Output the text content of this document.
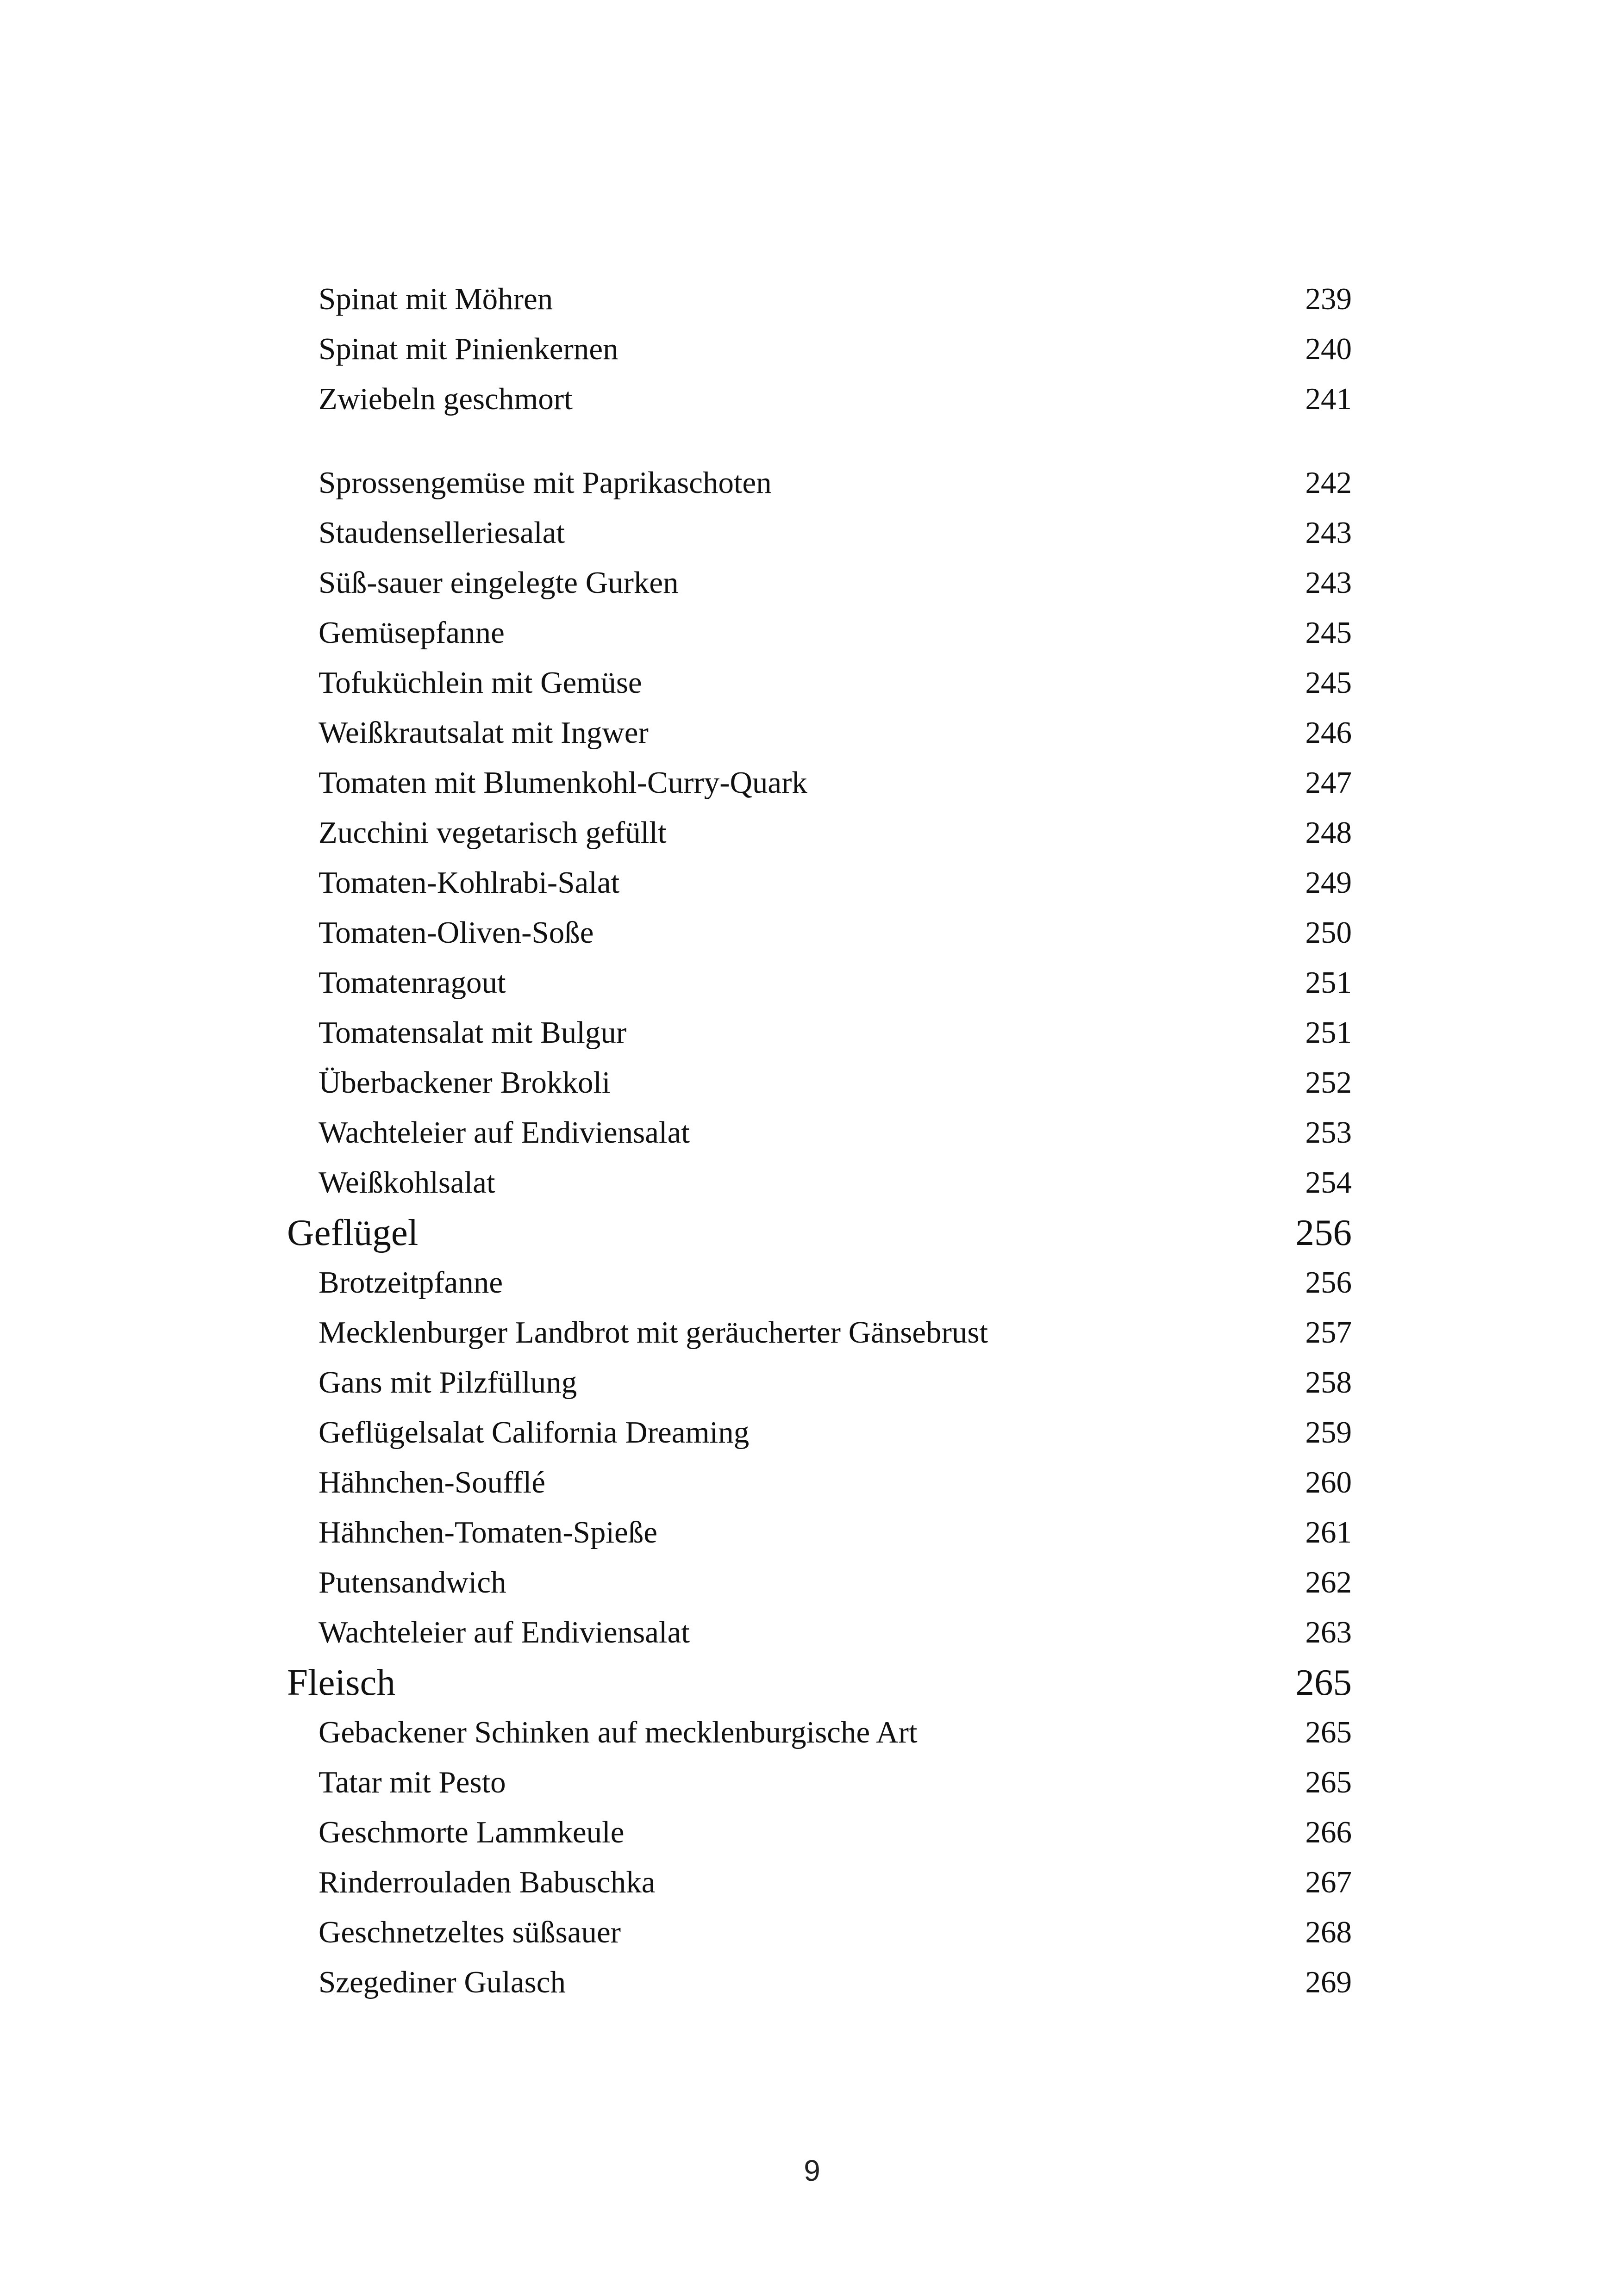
Spinat mit Möhren	239
Spinat mit Pinienkernen	240
Zwiebeln geschmort	241
Sprossengemüse mit Paprikaschoten	242
Staudenselleriesalat	243
Süß-sauer eingelegte Gurken	243
Gemüsepfanne	245
Tofuküchlein mit Gemüse	245
Weißkrautsalat mit Ingwer	246
Tomaten mit Blumenkohl-Curry-Quark	247
Zucchini vegetarisch gefüllt	248
Tomaten-Kohlrabi-Salat	249
Tomaten-Oliven-Soße	250
Tomatenragout	251
Tomatensalat mit Bulgur	251
Überbackener Brokkoli	252
Wachteleier auf Endiviensalat	253
Weißkohlsalat	254
Geflügel	256
Brotzeitpfanne	256
Mecklenburger Landbrot mit geräucherter Gänsebrust	257
Gans mit Pilzfüllung	258
Geflügelsalat California Dreaming	259
Hähnchen-Soufflé	260
Hähnchen-Tomaten-Spieße	261
Putensandwich	262
Wachteleier auf Endiviensalat	263
Fleisch	265
Gebackener Schinken auf mecklenburgische Art	265
Tatar mit Pesto	265
Geschmorte Lammkeule	266
Rinderrouladen Babuschka	267
Geschnetzeltes süßsauer	268
Szegediner Gulasch	269
9
